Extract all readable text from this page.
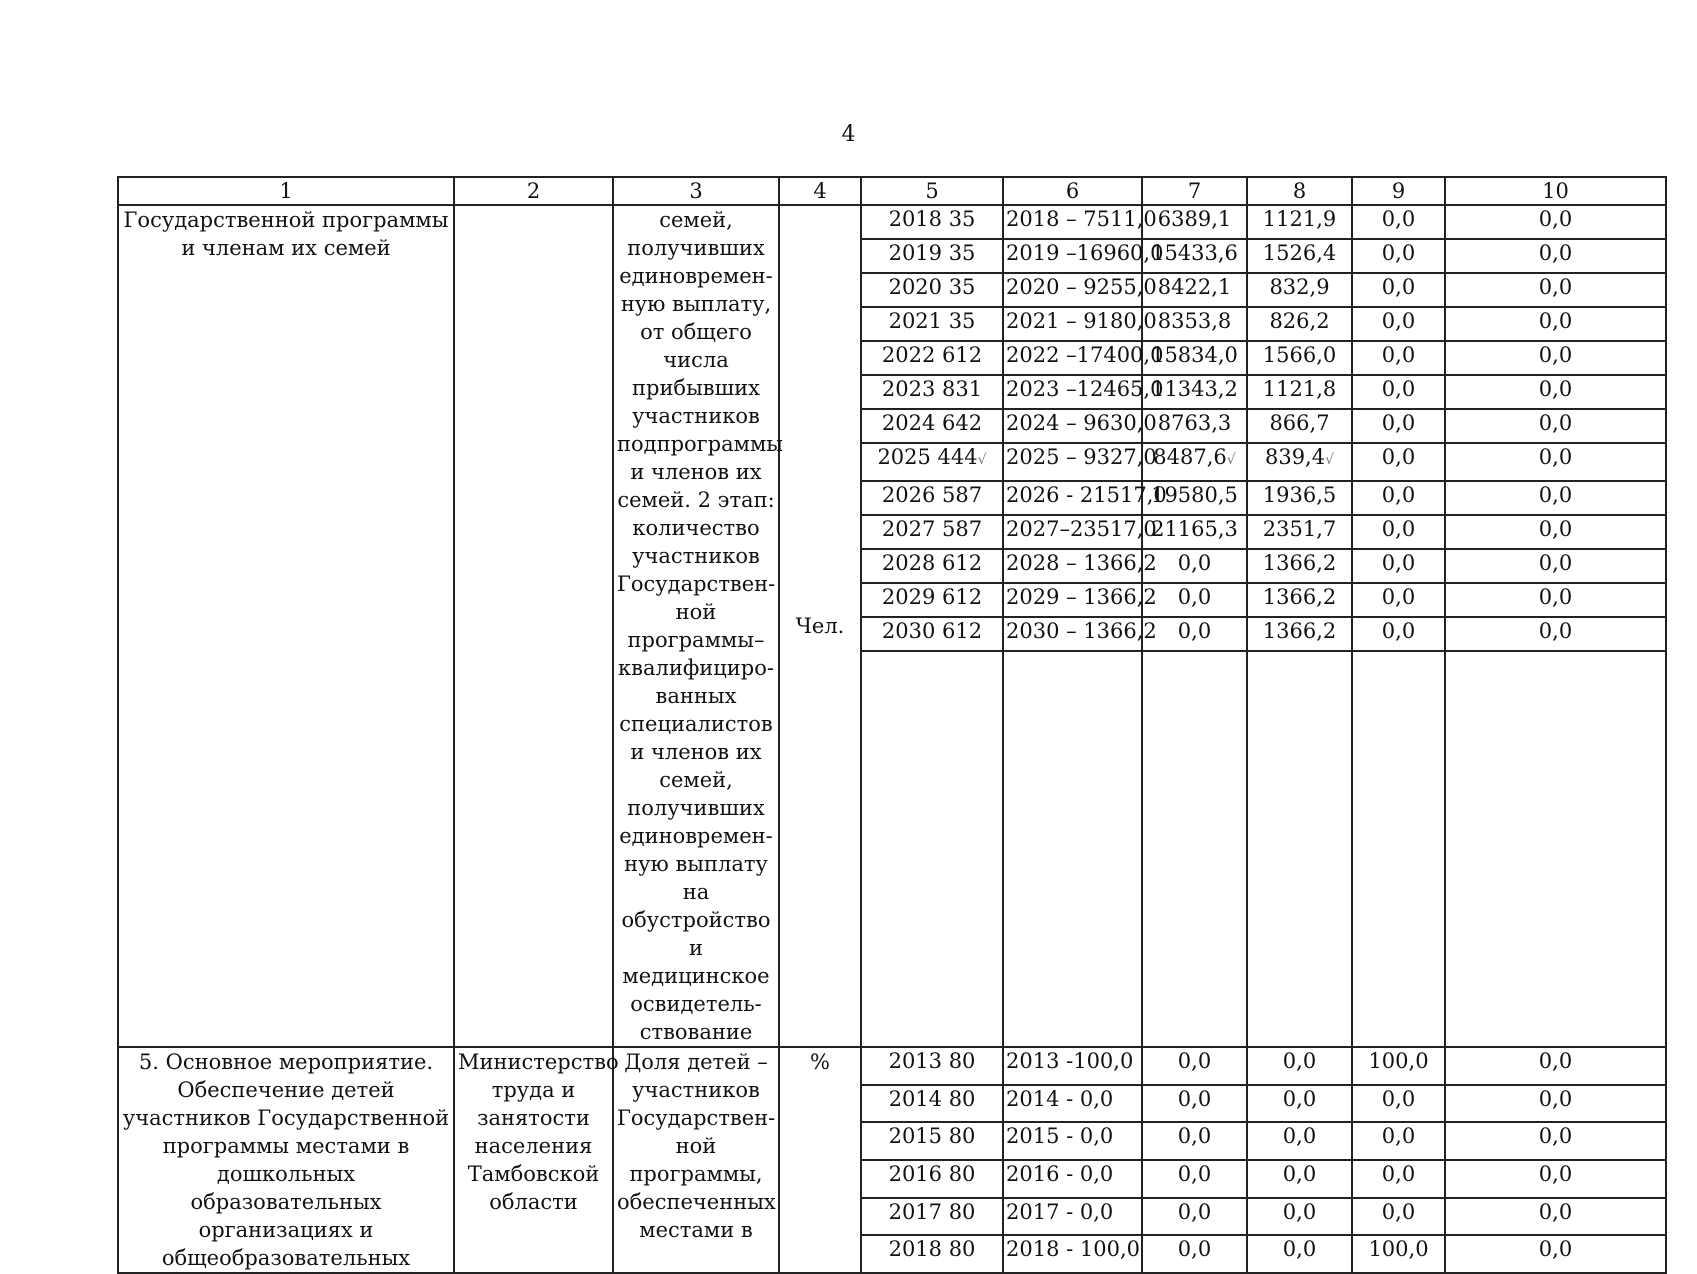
4
1	2	3	4	5	6	7	8	9	10
Государственной программы и членам их семей		семей, получивших единовремен-ную выплату, от общего числа прибывших участников подпрограммы и членов их семей. 2 этап: количество участников Государствен-ной программы– квалифициро-ванных специалистов и членов их семей, получивших единовремен-ную выплату на обустройство и медицинское освидетель-ствование	Чел.	2018 35	2018 – 7511,0	6389,1	1121,9	0,0	0,0
				2019 35	2019 –16960,0	15433,6	1526,4	0,0	0,0
				2020 35	2020 – 9255,0	8422,1	832,9	0,0	0,0
				2021 35	2021 – 9180,0	8353,8	826,2	0,0	0,0
				2022 612	2022 –17400,0	15834,0	1566,0	0,0	0,0
				2023 831	2023 –12465,0	11343,2	1121,8	0,0	0,0
				2024 642	2024 – 9630,0	8763,3	866,7	0,0	0,0
				2025 444√	2025 – 9327,0	8487,6√	839,4√	0,0	0,0
				2026 587	2026 - 21517,0	19580,5	1936,5	0,0	0,0
				2027 587	2027–23517,0	21165,3	2351,7	0,0	0,0
				2028 612	2028 – 1366,2	0,0	1366,2	0,0	0,0
				2029 612	2029 – 1366,2	0,0	1366,2	0,0	0,0
				2030 612	2030 – 1366,2	0,0	1366,2	0,0	0,0

5. Основное мероприятие. Обеспечение детей участников Государственной программы местами в дошкольных образовательных организациях и общеобразовательных	Министерство труда и занятости населения Тамбовской области	Доля детей – участников Государствен-ной программы, обеспеченных местами в	%	2013 80	2013 -100,0	0,0	0,0	100,0	0,0
				2014 80	2014 - 0,0	0,0	0,0	0,0	0,0
				2015 80	2015 - 0,0	0,0	0,0	0,0	0,0
				2016 80	2016 - 0,0	0,0	0,0	0,0	0,0
				2017 80	2017 - 0,0	0,0	0,0	0,0	0,0
				2018 80	2018 - 100,0	0,0	0,0	100,0	0,0
